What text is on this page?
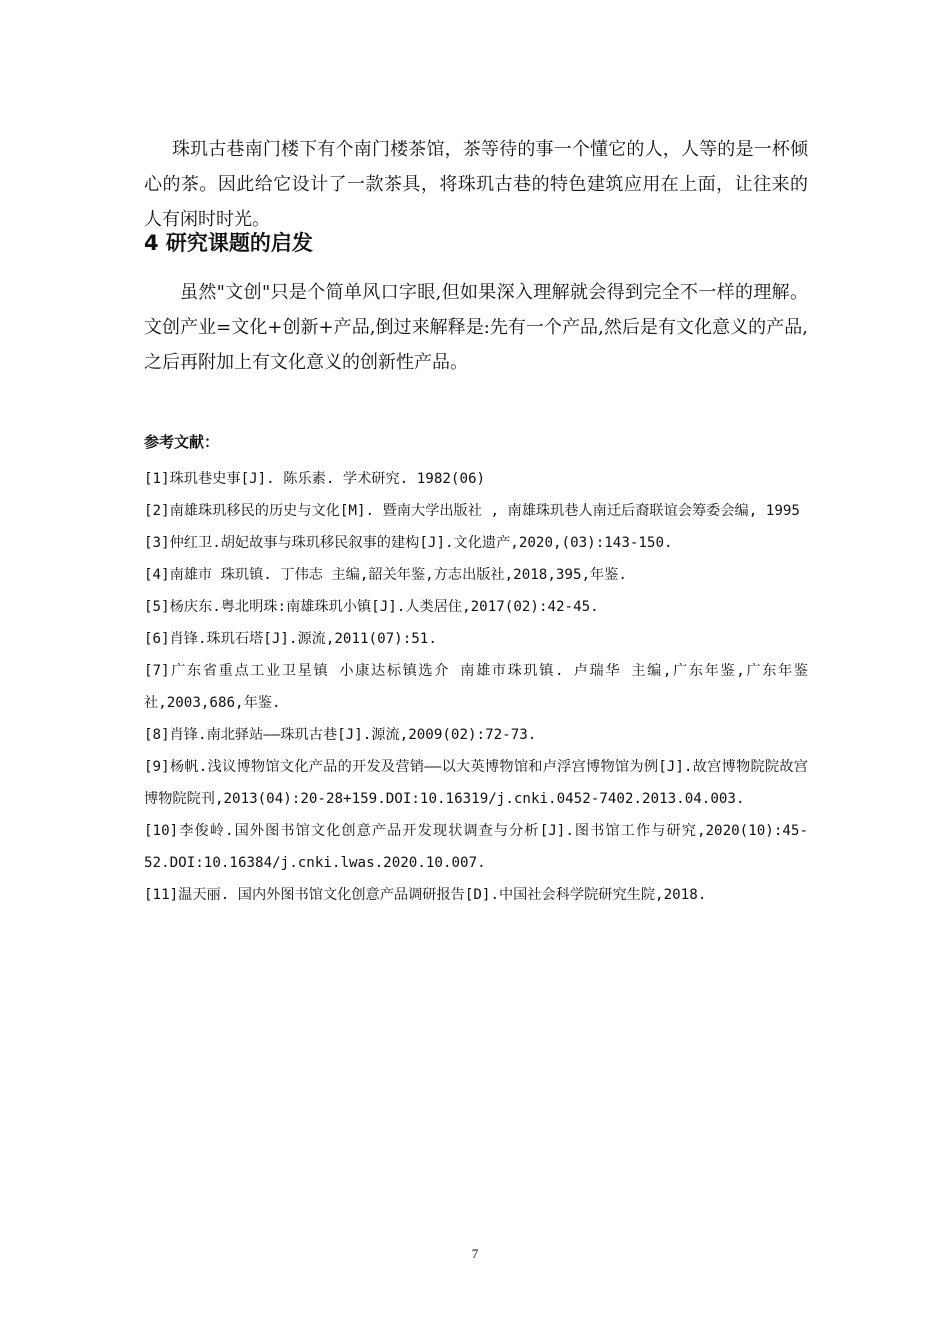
珠玑古巷南门楼下有个南门楼茶馆，茶等待的事一个懂它的人，人等的是一杯倾心的茶。因此给它设计了一款茶具，将珠玑古巷的特色建筑应用在上面，让往来的人有闲时时光。

4 研究课题的启发

虽然"文创"只是个简单风口字眼,但如果深入理解就会得到完全不一样的理解。文创产业=文化+创新+产品,倒过来解释是:先有一个产品,然后是有文化意义的产品,之后再附加上有文化意义的创新性产品。

参考文献：
[1]珠玑巷史事[J]. 陈乐素. 学术研究. 1982(06)
[2]南雄珠玑移民的历史与文化[M]. 暨南大学出版社 , 南雄珠玑巷人南迁后裔联谊会筹委会编, 1995
[3]仲红卫.胡妃故事与珠玑移民叙事的建构[J].文化遗产,2020,(03):143-150.
[4]南雄市 珠玑镇. 丁伟志 主编,韶关年鉴,方志出版社,2018,395,年鉴.
[5]杨庆东.粤北明珠:南雄珠玑小镇[J].人类居住,2017(02):42-45.
[6]肖锋.珠玑石塔[J].源流,2011(07):51.
[7]广东省重点工业卫星镇 小康达标镇选介 南雄市珠玑镇. 卢瑞华 主编,广东年鉴,广东年鉴社,2003,686,年鉴.
[8]肖锋.南北驿站——珠玑古巷[J].源流,2009(02):72-73.
[9]杨帆.浅议博物馆文化产品的开发及营销——以大英博物馆和卢浮宫博物馆为例[J].故宫博物院院故宫博物院院刊,2013(04):20-28+159.DOI:10.16319/j.cnki.0452-7402.2013.04.003.
[10]李俊岭.国外图书馆文化创意产品开发现状调查与分析[J].图书馆工作与研究,2020(10):45-52.DOI:10.16384/j.cnki.lwas.2020.10.007.
[11]温天丽. 国内外图书馆文化创意产品调研报告[D].中国社会科学院研究生院,2018.
7
